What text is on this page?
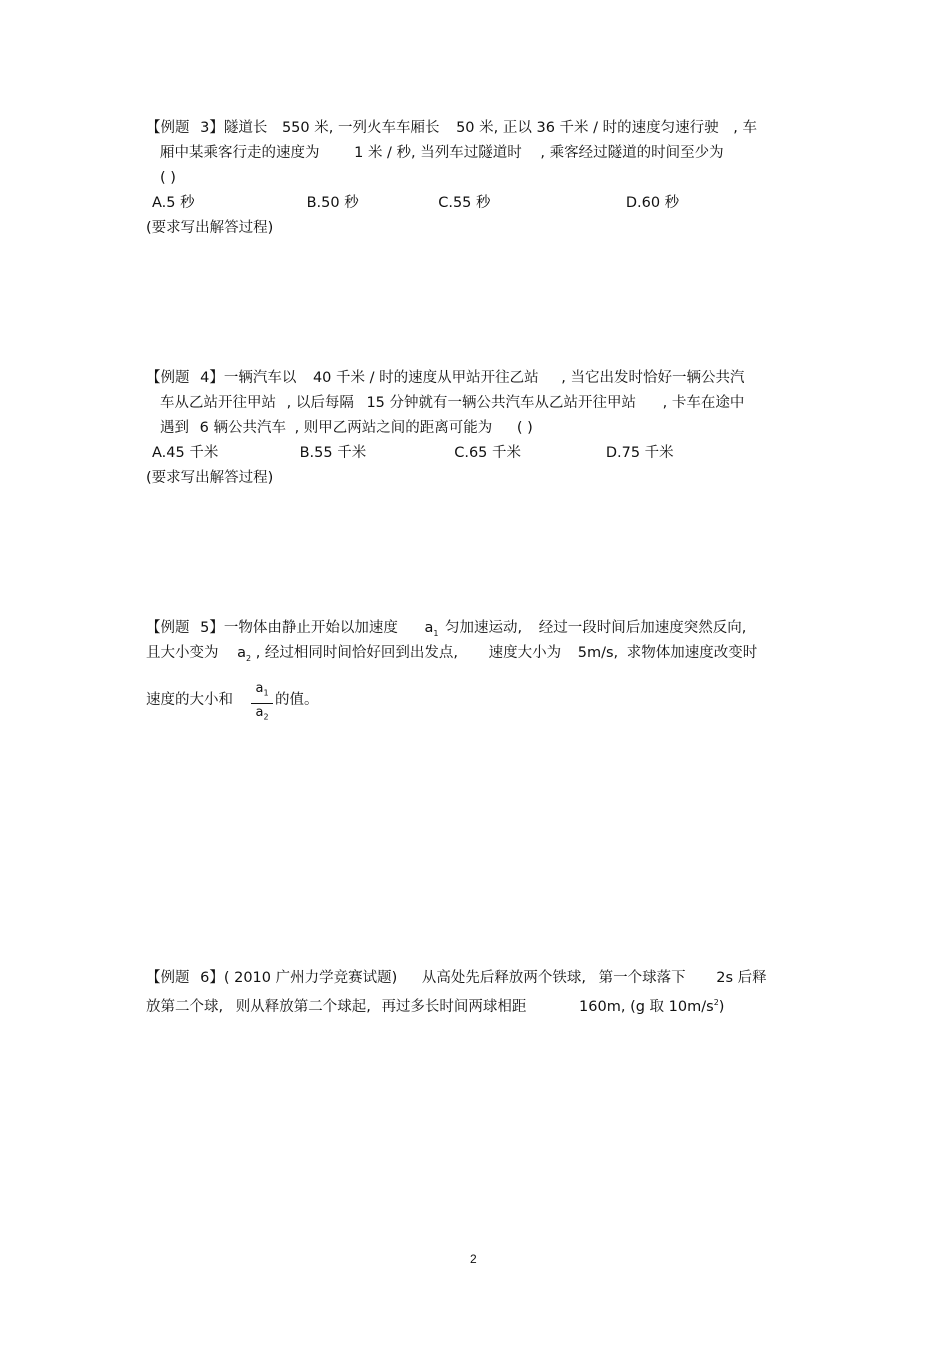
【例题 3】隧道长 550 米, 一列火车车厢长 50 米, 正以 36 千米 / 时的速度匀速行驶 , 车
厢中某乘客行走的速度为 1 米 / 秒, 当列车过隧道时 , 乘客经过隧道的时间至少为
( )
A.5 秒	B.50 秒	C.55 秒	D.60 秒
(要求写出解答过程)
【例题 4】一辆汽车以 40 千米 / 时的速度从甲站开往乙站 , 当它出发时恰好一辆公共汽
车从乙站开往甲站 , 以后每隔 15 分钟就有一辆公共汽车从乙站开往甲站 , 卡车在途中
遇到 6 辆公共汽车 , 则甲乙两站之间的距离可能为 ( )
A.45 千米	B.55 千米	C.65 千米	D.75 千米
(要求写出解答过程)
【例题 5】一物体由静止开始以加速度 $a_1$ 匀加速运动, 经过一段时间后加速度突然反向,
且大小变为 $a_2$ , 经过相同时间恰好回到出发点, 速度大小为 5m/s, 求物体加速度改变时
速度的大小和
$a_1$
$a_2$
的值。
【例题 6】( 2010 广州力学竞赛试题) 从高处先后释放两个铁球, 第一个球落下 2s 后释
放第二个球, 则从释放第二个球起, 再过多长时间两球相距	160m, (g 取 $10m/s^2$)
2
